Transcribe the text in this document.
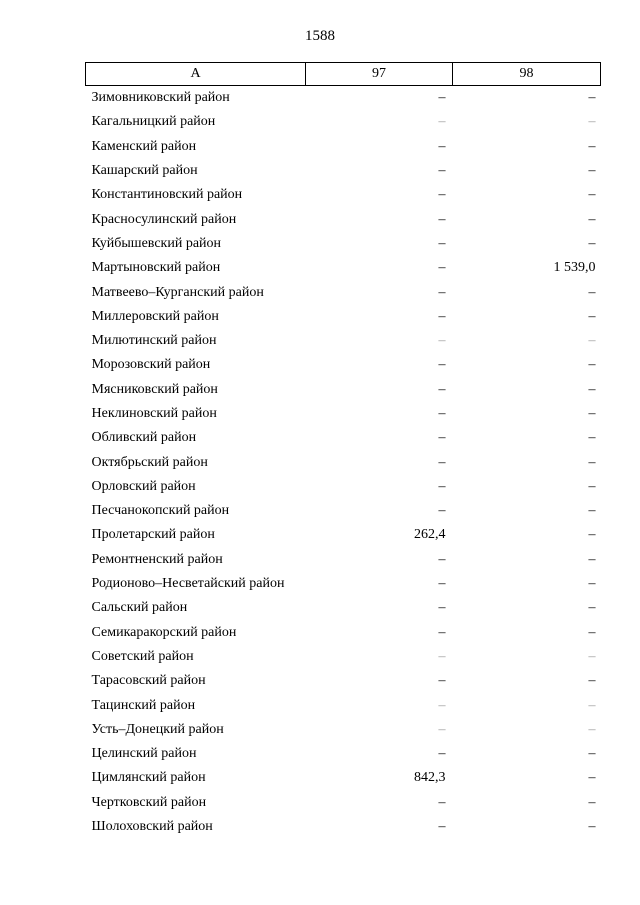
1588
А	97	98
Зимовниковский район	–	–
Кагальницкий район	–	–
Каменский район	–	–
Кашарский район	–	–
Константиновский район	–	–
Красносулинский район	–	–
Куйбышевский район	–	–
Мартыновский район	–	1 539,0
Матвеево–Курганский район	–	–
Миллеровский район	–	–
Милютинский район	–	–
Морозовский район	–	–
Мясниковский район	–	–
Неклиновский район	–	–
Обливский район	–	–
Октябрьский район	–	–
Орловский район	–	–
Песчанокопский район	–	–
Пролетарский район	262,4	–
Ремонтненский район	–	–
Родионово–Несветайский район	–	–
Сальский район	–	–
Семикаракорский район	–	–
Советский район	–	–
Тарасовский район	–	–
Тацинский район	–	–
Усть–Донецкий район	–	–
Целинский район	–	–
Цимлянский район	842,3	–
Чертковский район	–	–
Шолоховский район	–	–
